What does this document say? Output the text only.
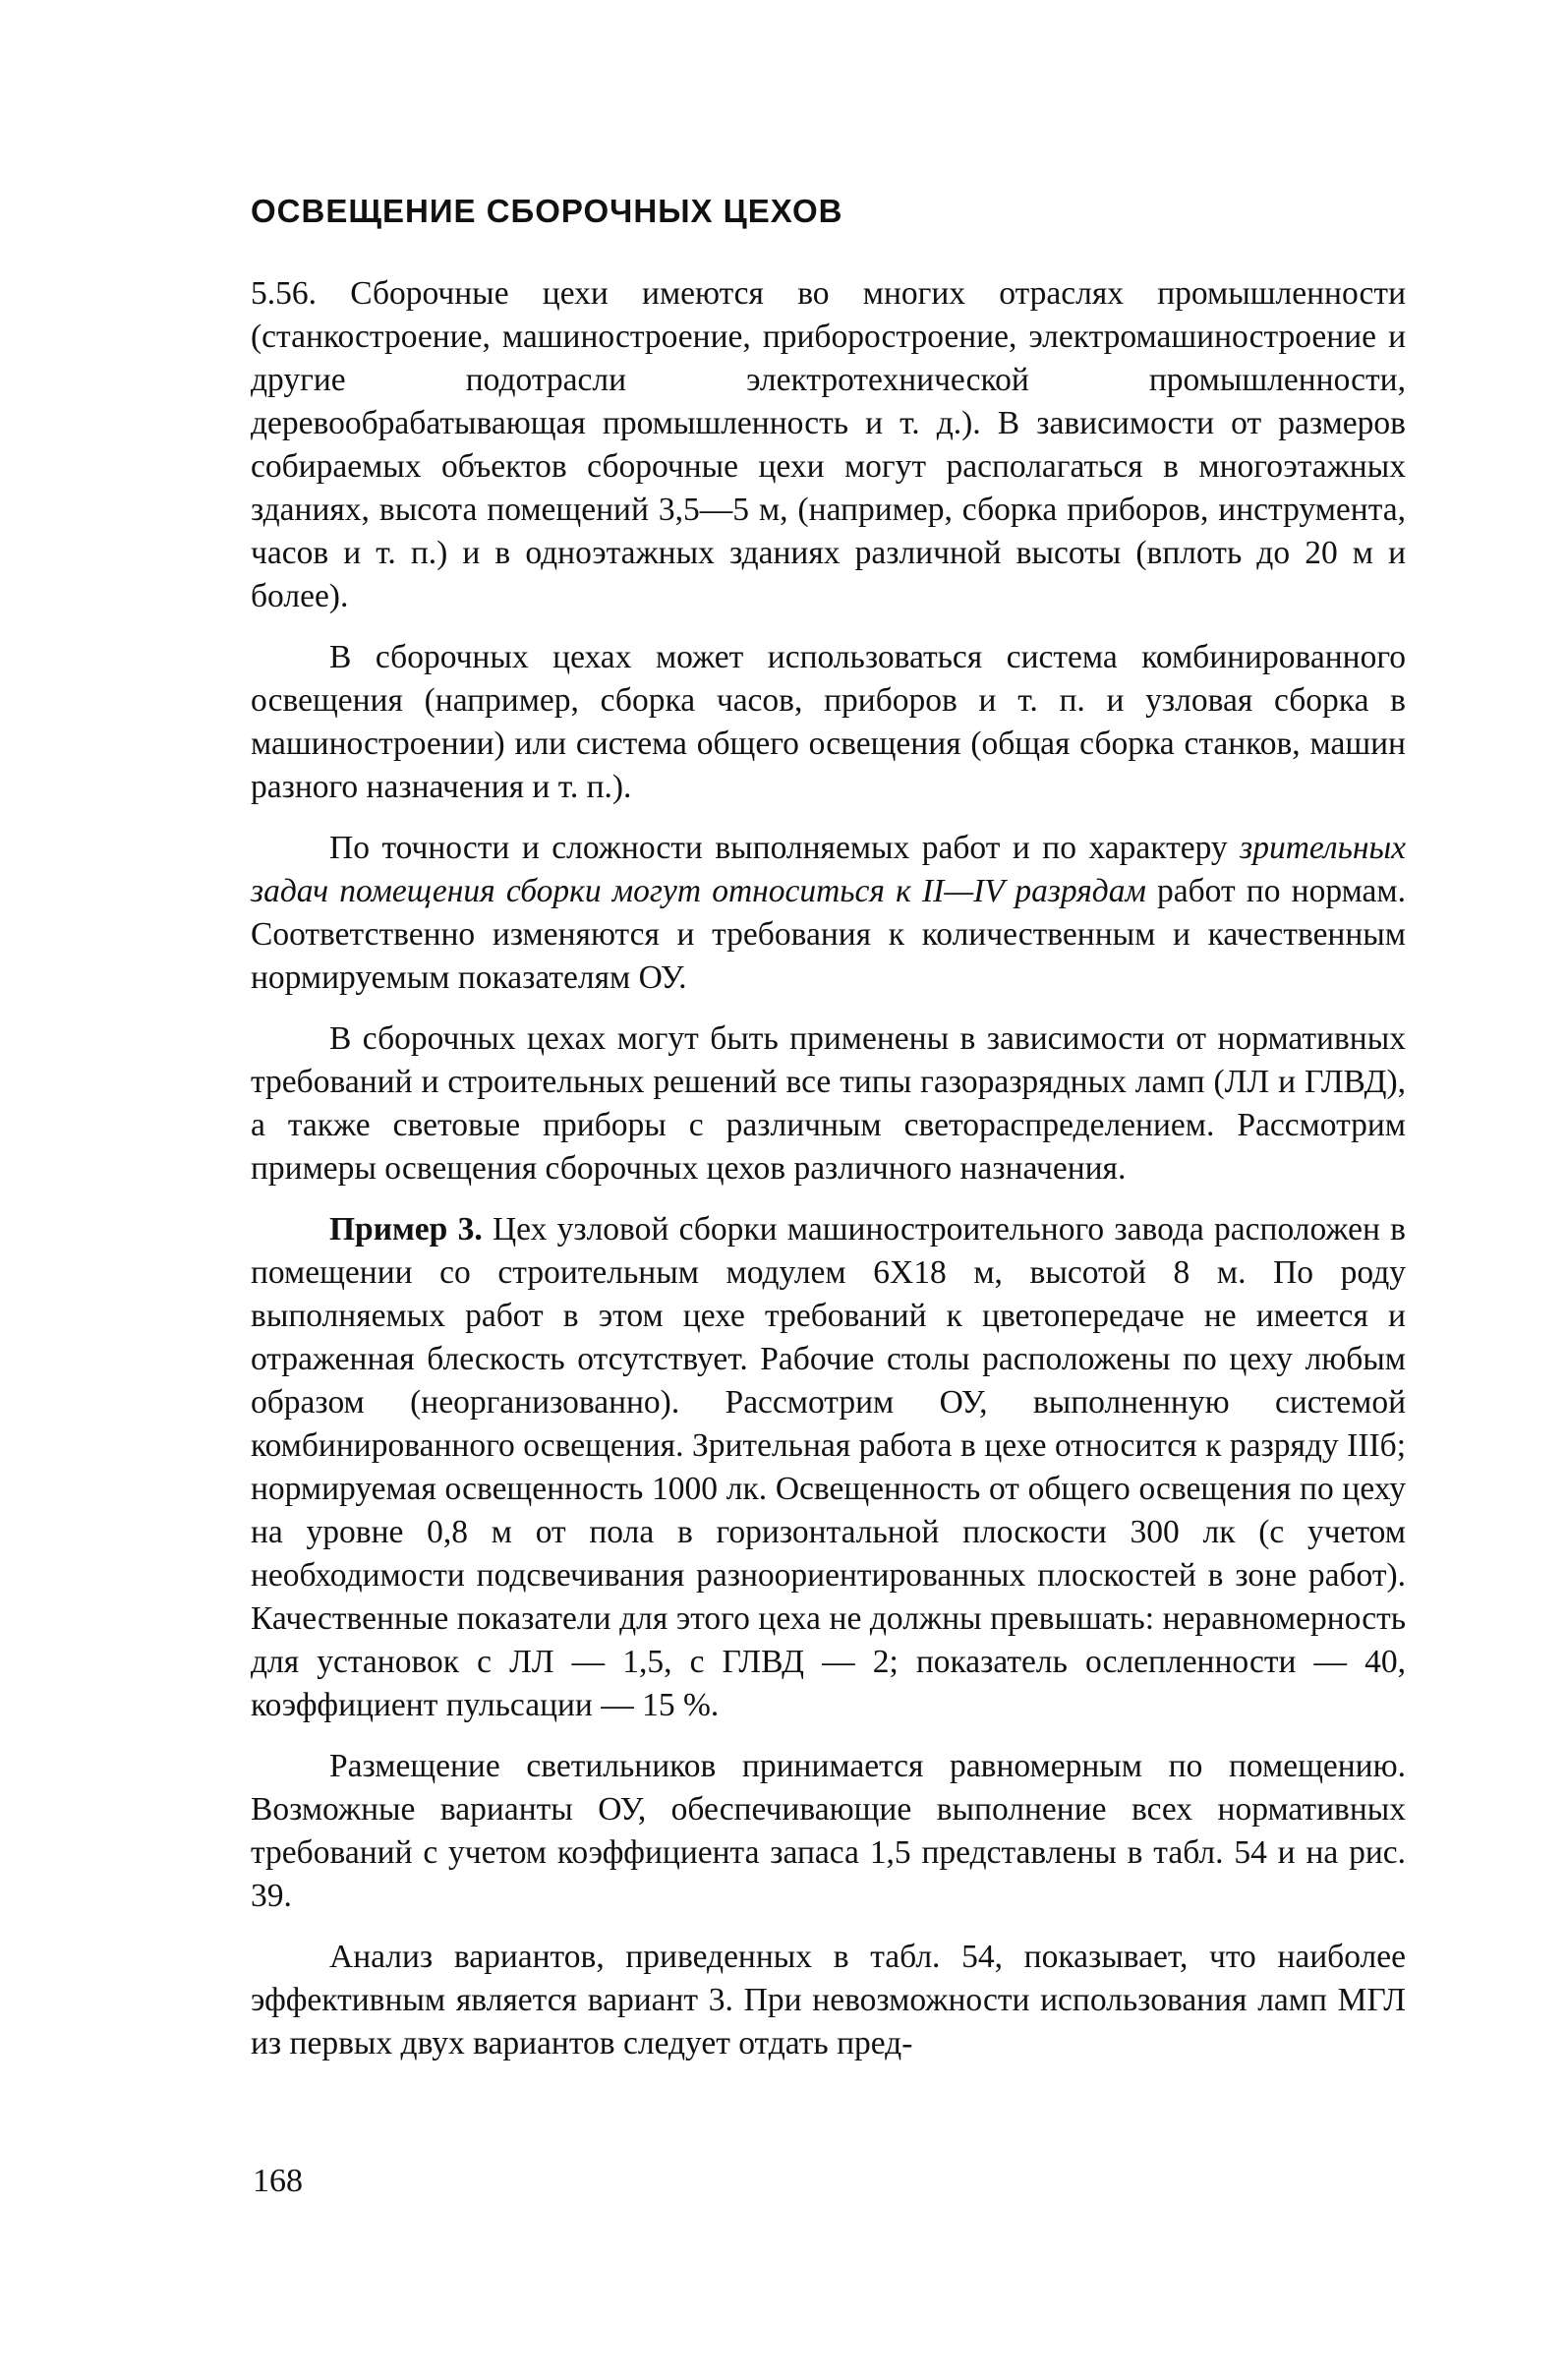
ОСВЕЩЕНИЕ СБОРОЧНЫХ ЦЕХОВ

5.56. Сборочные цехи имеются во многих отраслях промышленности (станкостроение, машиностроение, приборостроение, электромашиностроение и другие подотрасли электротехнической промышленности, деревообрабатывающая промышленность и т. д.). В зависимости от размеров собираемых объектов сборочные цехи могут располагаться в многоэтажных зданиях, высота помещений 3,5—5 м, (например, сборка приборов, инструмента, часов и т. п.) и в одноэтажных зданиях различной высоты (вплоть до 20 м и более).

В сборочных цехах может использоваться система комбинированного освещения (например, сборка часов, приборов и т. п. и узловая сборка в машиностроении) или система общего освещения (общая сборка станков, машин разного назначения и т. п.).

По точности и сложности выполняемых работ и по характеру зрительных задач помещения сборки могут относиться к II—IV разрядам работ по нормам. Соответственно изменяются и требования к количественным и качественным нормируемым показателям ОУ.

В сборочных цехах могут быть применены в зависимости от нормативных требований и строительных решений все типы газоразрядных ламп (ЛЛ и ГЛВД), а также световые приборы с различным светораспределением. Рассмотрим примеры освещения сборочных цехов различного назначения.

Пример 3. Цех узловой сборки машиностроительного завода расположен в помещении со строительным модулем 6Х18 м, высотой 8 м. По роду выполняемых работ в этом цехе требований к цветопередаче не имеется и отраженная блескость отсутствует. Рабочие столы расположены по цеху любым образом (неорганизованно). Рассмотрим ОУ, выполненную системой комбинированного освещения. Зрительная работа в цехе относится к разряду IIIб; нормируемая освещенность 1000 лк. Освещенность от общего освещения по цеху на уровне 0,8 м от пола в горизонтальной плоскости 300 лк (с учетом необходимости подсвечивания разноориентированных плоскостей в зоне работ). Качественные показатели для этого цеха не должны превышать: неравномерность для установок с ЛЛ — 1,5, с ГЛВД — 2; показатель ослепленности — 40, коэффициент пульсации — 15 %.

Размещение светильников принимается равномерным по помещению. Возможные варианты ОУ, обеспечивающие выполнение всех нормативных требований с учетом коэффициента запаса 1,5 представлены в табл. 54 и на рис. 39.

Анализ вариантов, приведенных в табл. 54, показывает, что наиболее эффективным является вариант 3. При невозможности использования ламп МГЛ из первых двух вариантов следует отдать пред-

168
